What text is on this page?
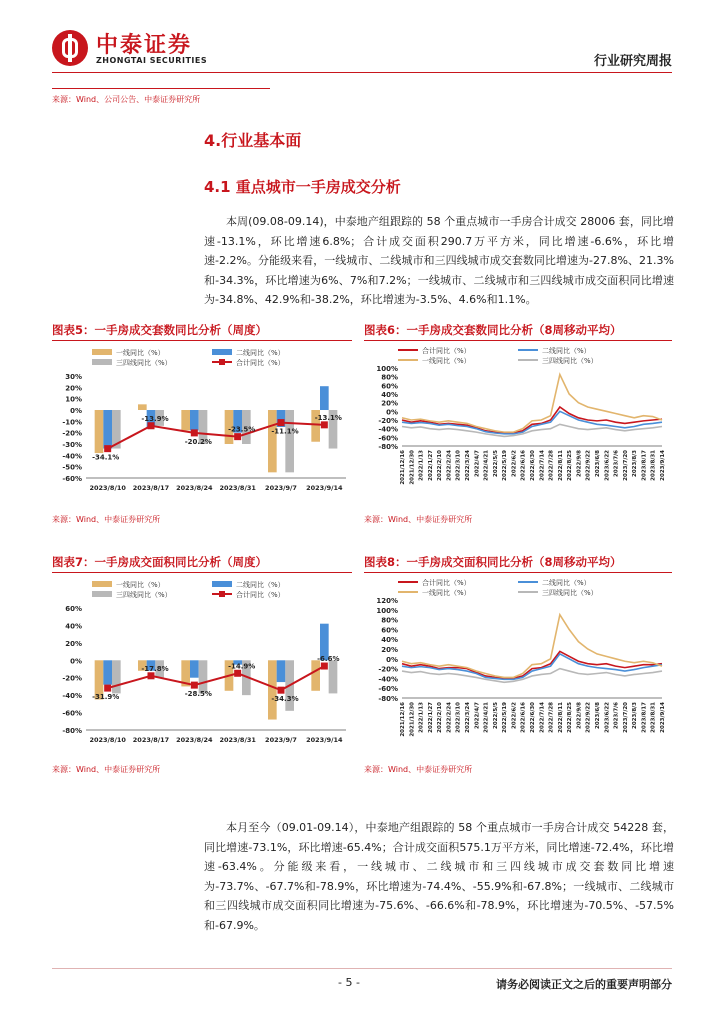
中泰证券
ZHONGTAI SECURITIES	行业研究周报
来源：Wind、公司公告、中泰证券研究所
4.行业基本面
4.1 重点城市一手房成交分析
本周(09.08-09.14)，中泰地产组跟踪的 58 个重点城市一手房合计成交 28006 套，同比增速-13.1%，环比增速6.8%；合计成交面积290.7万平方米，同比增速-6.6%，环比增速-2.2%。分能级来看，一线城市、二线城市和三四线城市成交套数同比增速为-27.8%、21.3%和-34.3%，环比增速为6%、7%和7.2%；一线城市、二线城市和三四线城市成交面积同比增速为-34.8%、42.9%和-38.2%，环比增速为-3.5%、4.6%和1.1%。
图表5：一手房成交套数同比分析（周度）	图表6：一手房成交套数同比分析（8周移动平均）
图表7：一手房成交面积同比分析（周度）	图表8：一手房成交面积同比分析（8周移动平均）
一线同比（%）	二线同比（%）
三四线同比（%）	合计同比（%）
30%
20%
10%
0%
-10%
-20%
-30%
-40%
-50%
-60%
2023/8/10 2023/8/17 2023/8/24 2023/8/31 2023/9/7 2023/9/14
-34.1%
-13.9%
-20.2%
-23.5% -11.1%
-13.1%
合计同比（%）	二线同比（%）
一线同比（%）	三四线同比（%）
100%
80%
60%
40%
20%
0%
-20%
-40%
-60%
-80%
2021/12/16 2021/12/30 2022/1/13 2022/1/27 2022/2/10 2022/2/24 2022/3/10 2022/3/24 2022/4/7 2022/4/21 2022/5/5 2022/5/19 2022/6/2 2022/6/16 2022/6/30 2022/7/14 2022/7/28 2022/8/11 2022/8/25 2022/9/8 2022/9/22 2023/6/8 2023/6/22 2023/7/6 2023/7/20 2023/8/3 2023/8/17 2023/8/31 2023/9/14
一线同比（%）	二线同比（%）
三四线同比（%）	合计同比（%）
60%
40%
20%
0%
-20%
-40%
-60%
-80%
2023/8/10 2023/8/17 2023/8/24 2023/8/31 2023/9/7 2023/9/14
-31.9%
-17.8%
-28.5%
-14.9%
-34.3%
-6.6%
合计同比（%）	二线同比（%）
一线同比（%）	三四线同比（%）
120%
100%
80%
60%
40%
20%
0%
-20%
-40%
-60%
-80%
2021/12/16 2021/12/30 2022/1/13 2022/1/27 2022/2/10 2022/2/24 2022/3/10 2022/3/24 2022/4/7 2022/4/21 2022/5/5 2022/5/19 2022/6/2 2022/6/16 2022/6/30 2022/7/14 2022/7/28 2022/8/11 2022/8/25 2022/9/8 2022/9/22 2023/6/8 2023/6/22 2023/7/6 2023/7/20 2023/8/3 2023/8/17 2023/8/31 2023/9/14
来源：Wind、中泰证券研究所	来源：Wind、中泰证券研究所
来源：Wind、中泰证券研究所	来源：Wind、中泰证券研究所
本月至今（09.01-09.14），中泰地产组跟踪的 58 个重点城市一手房合计成交 54228 套，同比增速-73.1%，环比增速-65.4%；合计成交面积575.1万平方米，同比增速-72.4%，环比增速-63.4%。分能级来看，一线城市、二线城市和三四线城市成交套数同比增速为-73.7%、-67.7%和-78.9%，环比增速为-74.4%、-55.9%和-67.8%；一线城市、二线城市和三四线城市成交面积同比增速为-75.6%、-66.6%和-78.9%，环比增速为-70.5%、-57.5%和-67.9%。
- 5 -	请务必阅读正文之后的重要声明部分
